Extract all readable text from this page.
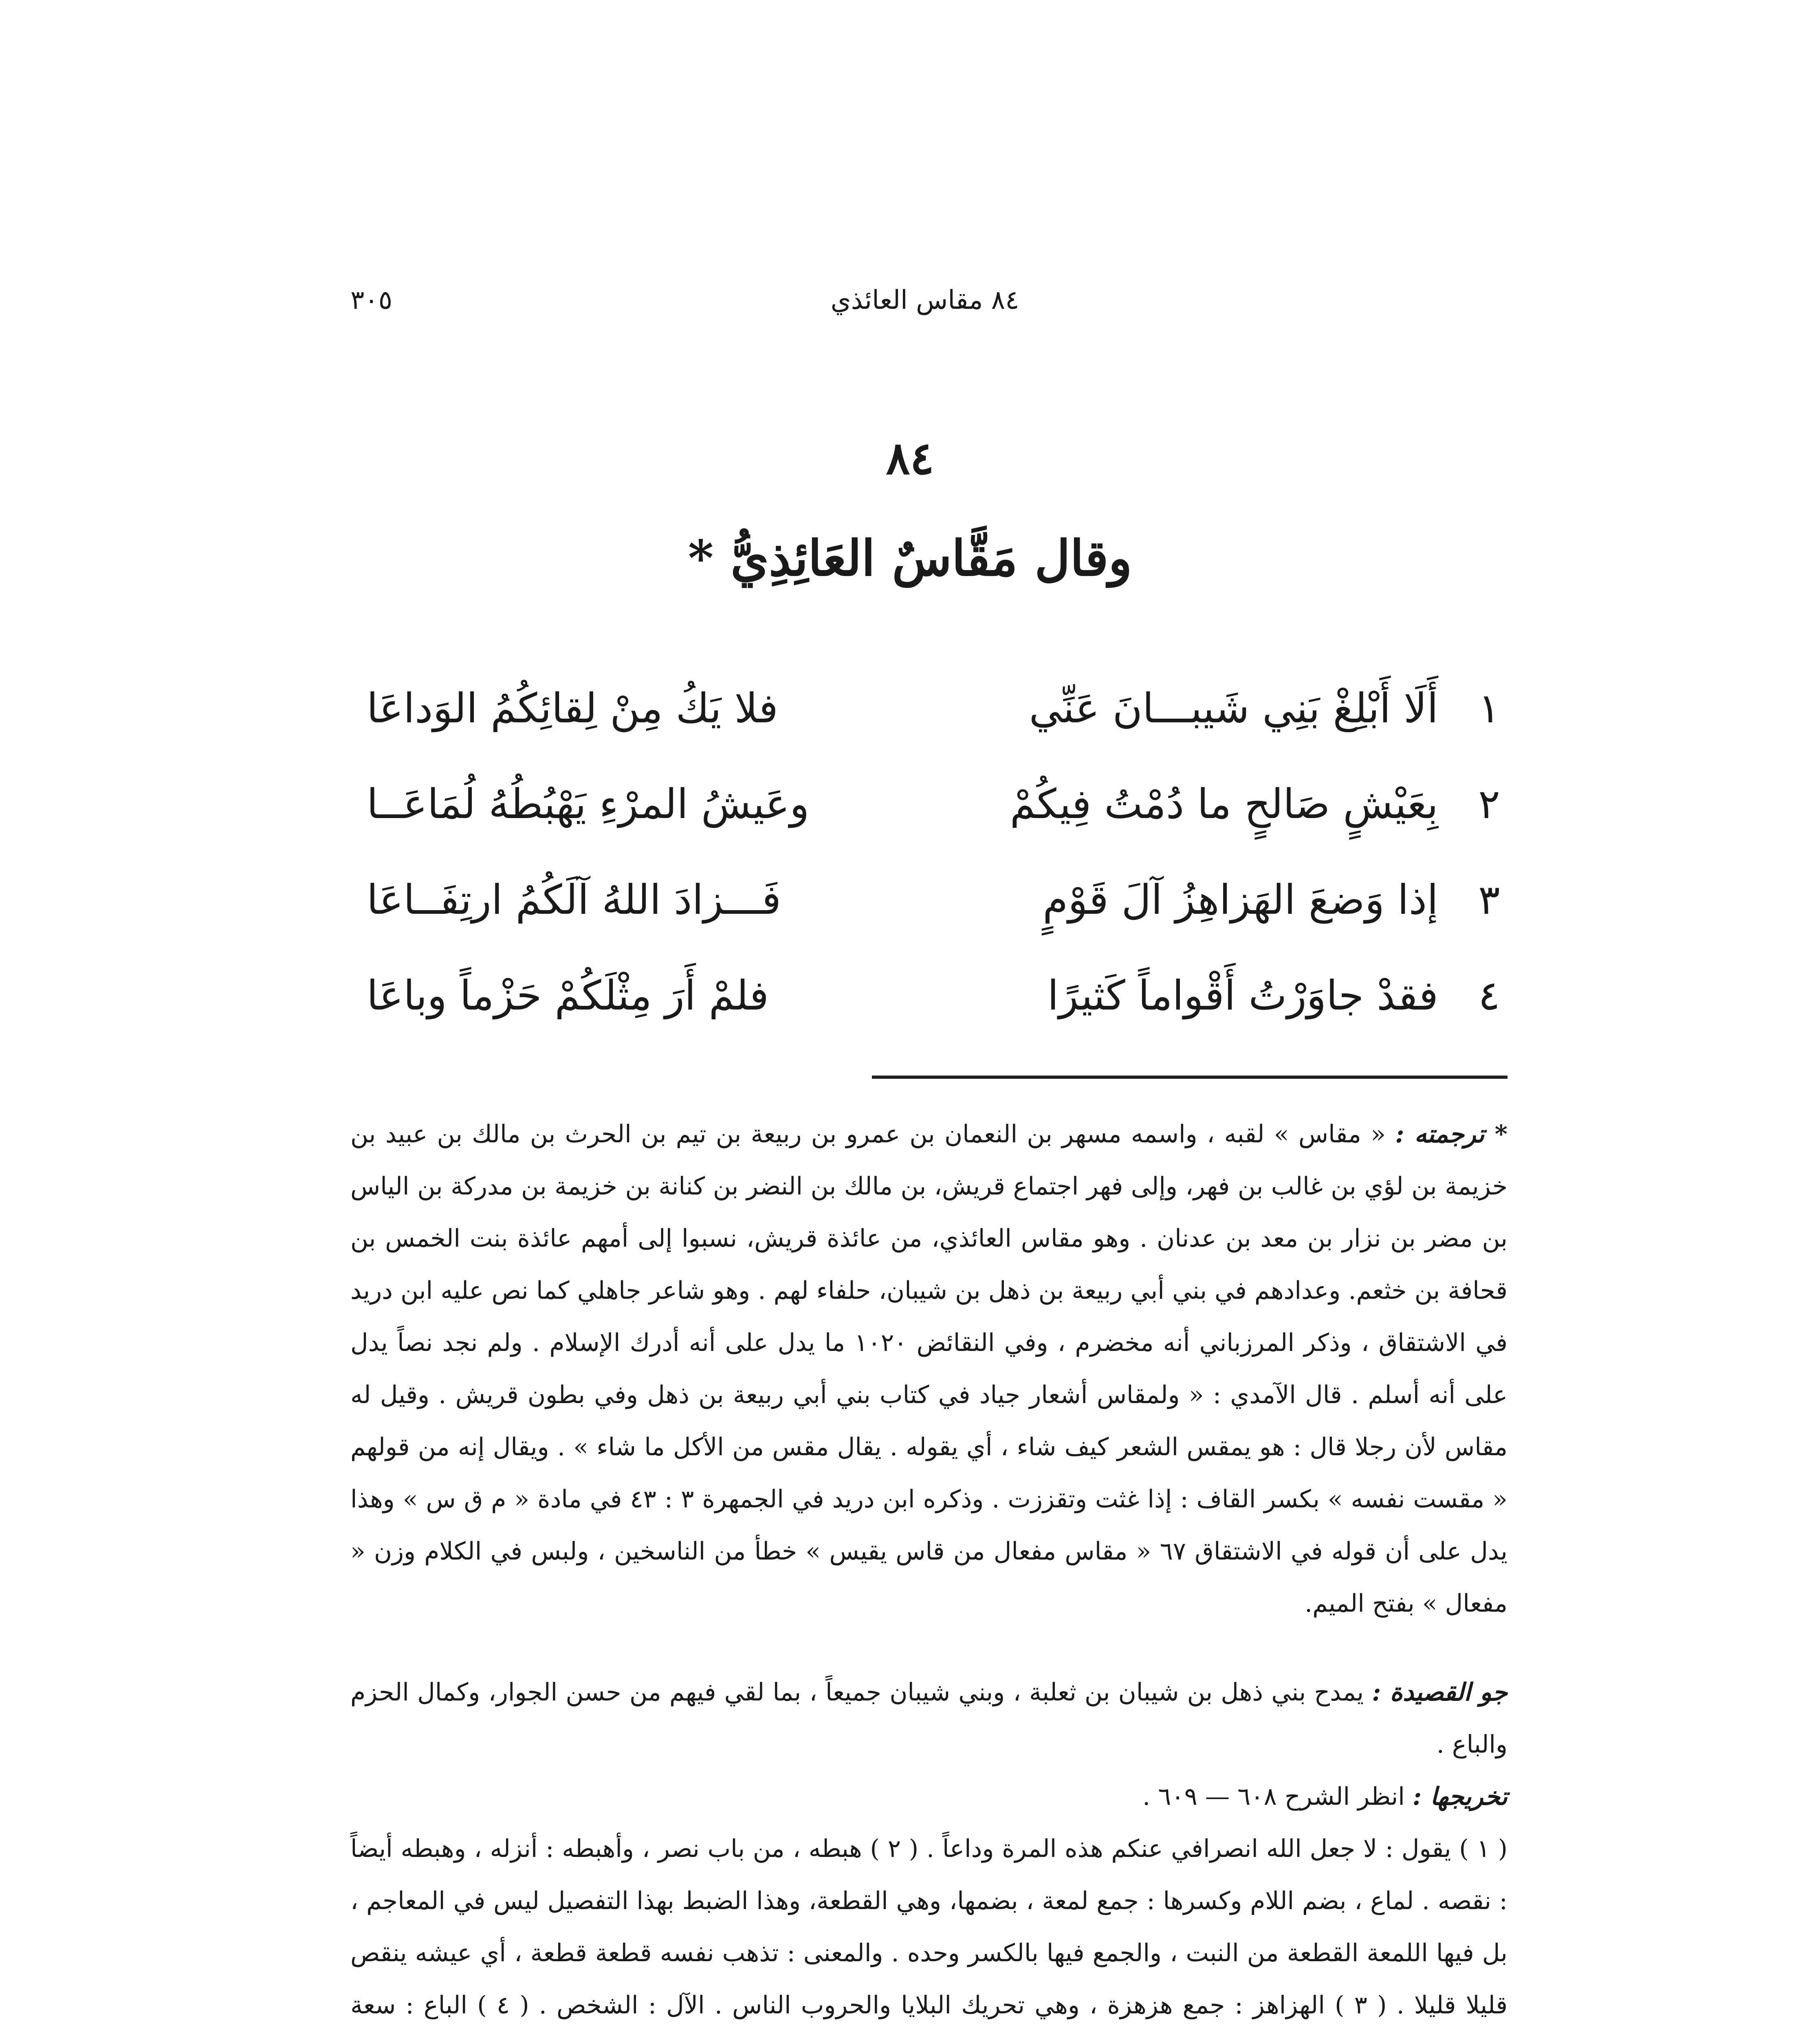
٨٤ مقاس العائذي
٣٠٥
٨٤
وقال مَقَّاسٌ العَائِذِيُّ *
١
أَلَا أَبْلِغْ بَنِي شَيبـــانَ عَنِّي
فلا يَكُ مِنْ لِقائِكُمُ الوَداعَا
٢
بِعَيْشٍ صَالحٍ ما دُمْتُ فِيكُمْ
وعَيشُ المرْءِ يَهْبُطُهُ لُمَاعَــا
٣
إذا وَضعَ الهَزاهِزُ آلَ قَوْمٍ
فَـــزادَ اللهُ آلَكُمُ ارتِفَــاعَا
٤
فقدْ جاوَرْتُ أَقْواماً كَثيرًا
فلمْ أَرَ مِثْلَكُمْ حَزْماً وباعَا

* ترجمته : « مقاس » لقبه ، واسمه مسهر بن النعمان بن عمرو بن ربيعة بن تيم بن الحرث بن مالك بن عبيد بن خزيمة بن لؤي بن غالب بن فهر، وإلى فهر اجتماع قريش، بن مالك بن النضر بن كنانة بن خزيمة بن مدركة بن الياس بن مضر بن نزار بن معد بن عدنان . وهو مقاس العائذي، من عائذة قريش، نسبوا إلى أمهم عائذة بنت الخمس بن قحافة بن خثعم. وعدادهم في بني أبي ربيعة بن ذهل بن شيبان، حلفاء لهم . وهو شاعر جاهلي كما نص عليه ابن دريد في الاشتقاق ، وذكر المرزباني أنه مخضرم ، وفي النقائض ١٠٢٠ ما يدل على أنه أدرك الإسلام . ولم نجد نصاً يدل على أنه أسلم . قال الآمدي : « ولمقاس أشعار جياد في كتاب بني أبي ربيعة بن ذهل وفي بطون قريش . وقيل له مقاس لأن رجلا قال : هو يمقس الشعر كيف شاء ، أي يقوله . يقال مقس من الأكل ما شاء » . ويقال إنه من قولهم « مقست نفسه » بكسر القاف : إذا غثت وتقززت . وذكره ابن دريد في الجمهرة ٣ : ٤٣ في مادة « م ق س » وهذا يدل على أن قوله في الاشتقاق ٦٧ « مقاس مفعال من قاس يقيس » خطأ من الناسخين ، ولبس في الكلام وزن « مفعال » بفتح الميم.

جو القصيدة : يمدح بني ذهل بن شيبان بن ثعلبة ، وبني شيبان جميعاً ، بما لقي فيهم من حسن الجوار، وكمال الحزم والباع .

تخريجها : انظر الشرح ٦٠٨ — ٦٠٩ .

( ١ ) يقول : لا جعل الله انصرافي عنكم هذه المرة وداعاً . ( ٢ ) هبطه ، من باب نصر ، وأهبطه : أنزله ، وهبطه أيضاً : نقصه . لماع ، بضم اللام وكسرها : جمع لمعة ، بضمها، وهي القطعة، وهذا الضبط بهذا التفصيل ليس في المعاجم ، بل فيها اللمعة القطعة من النبت ، والجمع فيها بالكسر وحده . والمعنى : تذهب نفسه قطعة قطعة ، أي عيشه ينقص قليلا قليلا . ( ٣ ) الهزاهز : جمع هزهزة ، وهي تحريك البلايا والحروب الناس . الآل : الشخص . ( ٤ ) الباع : سعة
